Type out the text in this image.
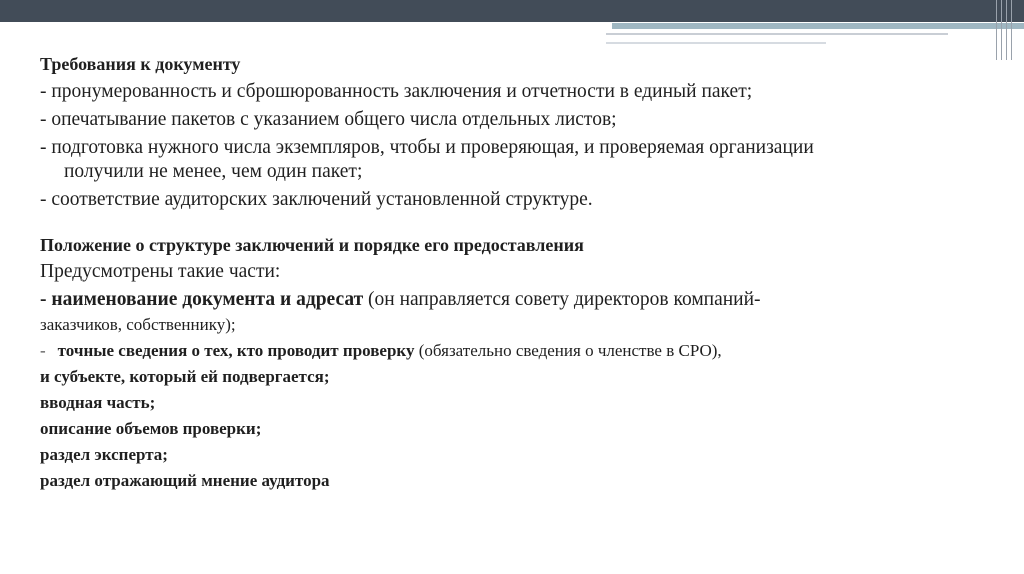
Требования к документу
- пронумерованность и сброшюрованность заключения и отчетности в единый пакет;
- опечатывание пакетов с указанием общего числа отдельных листов;
- подготовка нужного числа экземпляров, чтобы и проверяющая, и проверяемая организации
получили не менее, чем один пакет;
- соответствие аудиторских заключений установленной структуре.
Положение о структуре заключений и порядке его предоставления
Предусмотрены такие части:
- наименование документа и адресат (он направляется совету директоров компаний-
заказчиков, собственнику);
- точные сведения о тех, кто проводит проверку (обязательно сведения о членстве в СРО),
и субъекте, который ей подвергается;
вводная часть;
описание объемов проверки;
раздел эксперта;
раздел отражающий мнение аудитора
